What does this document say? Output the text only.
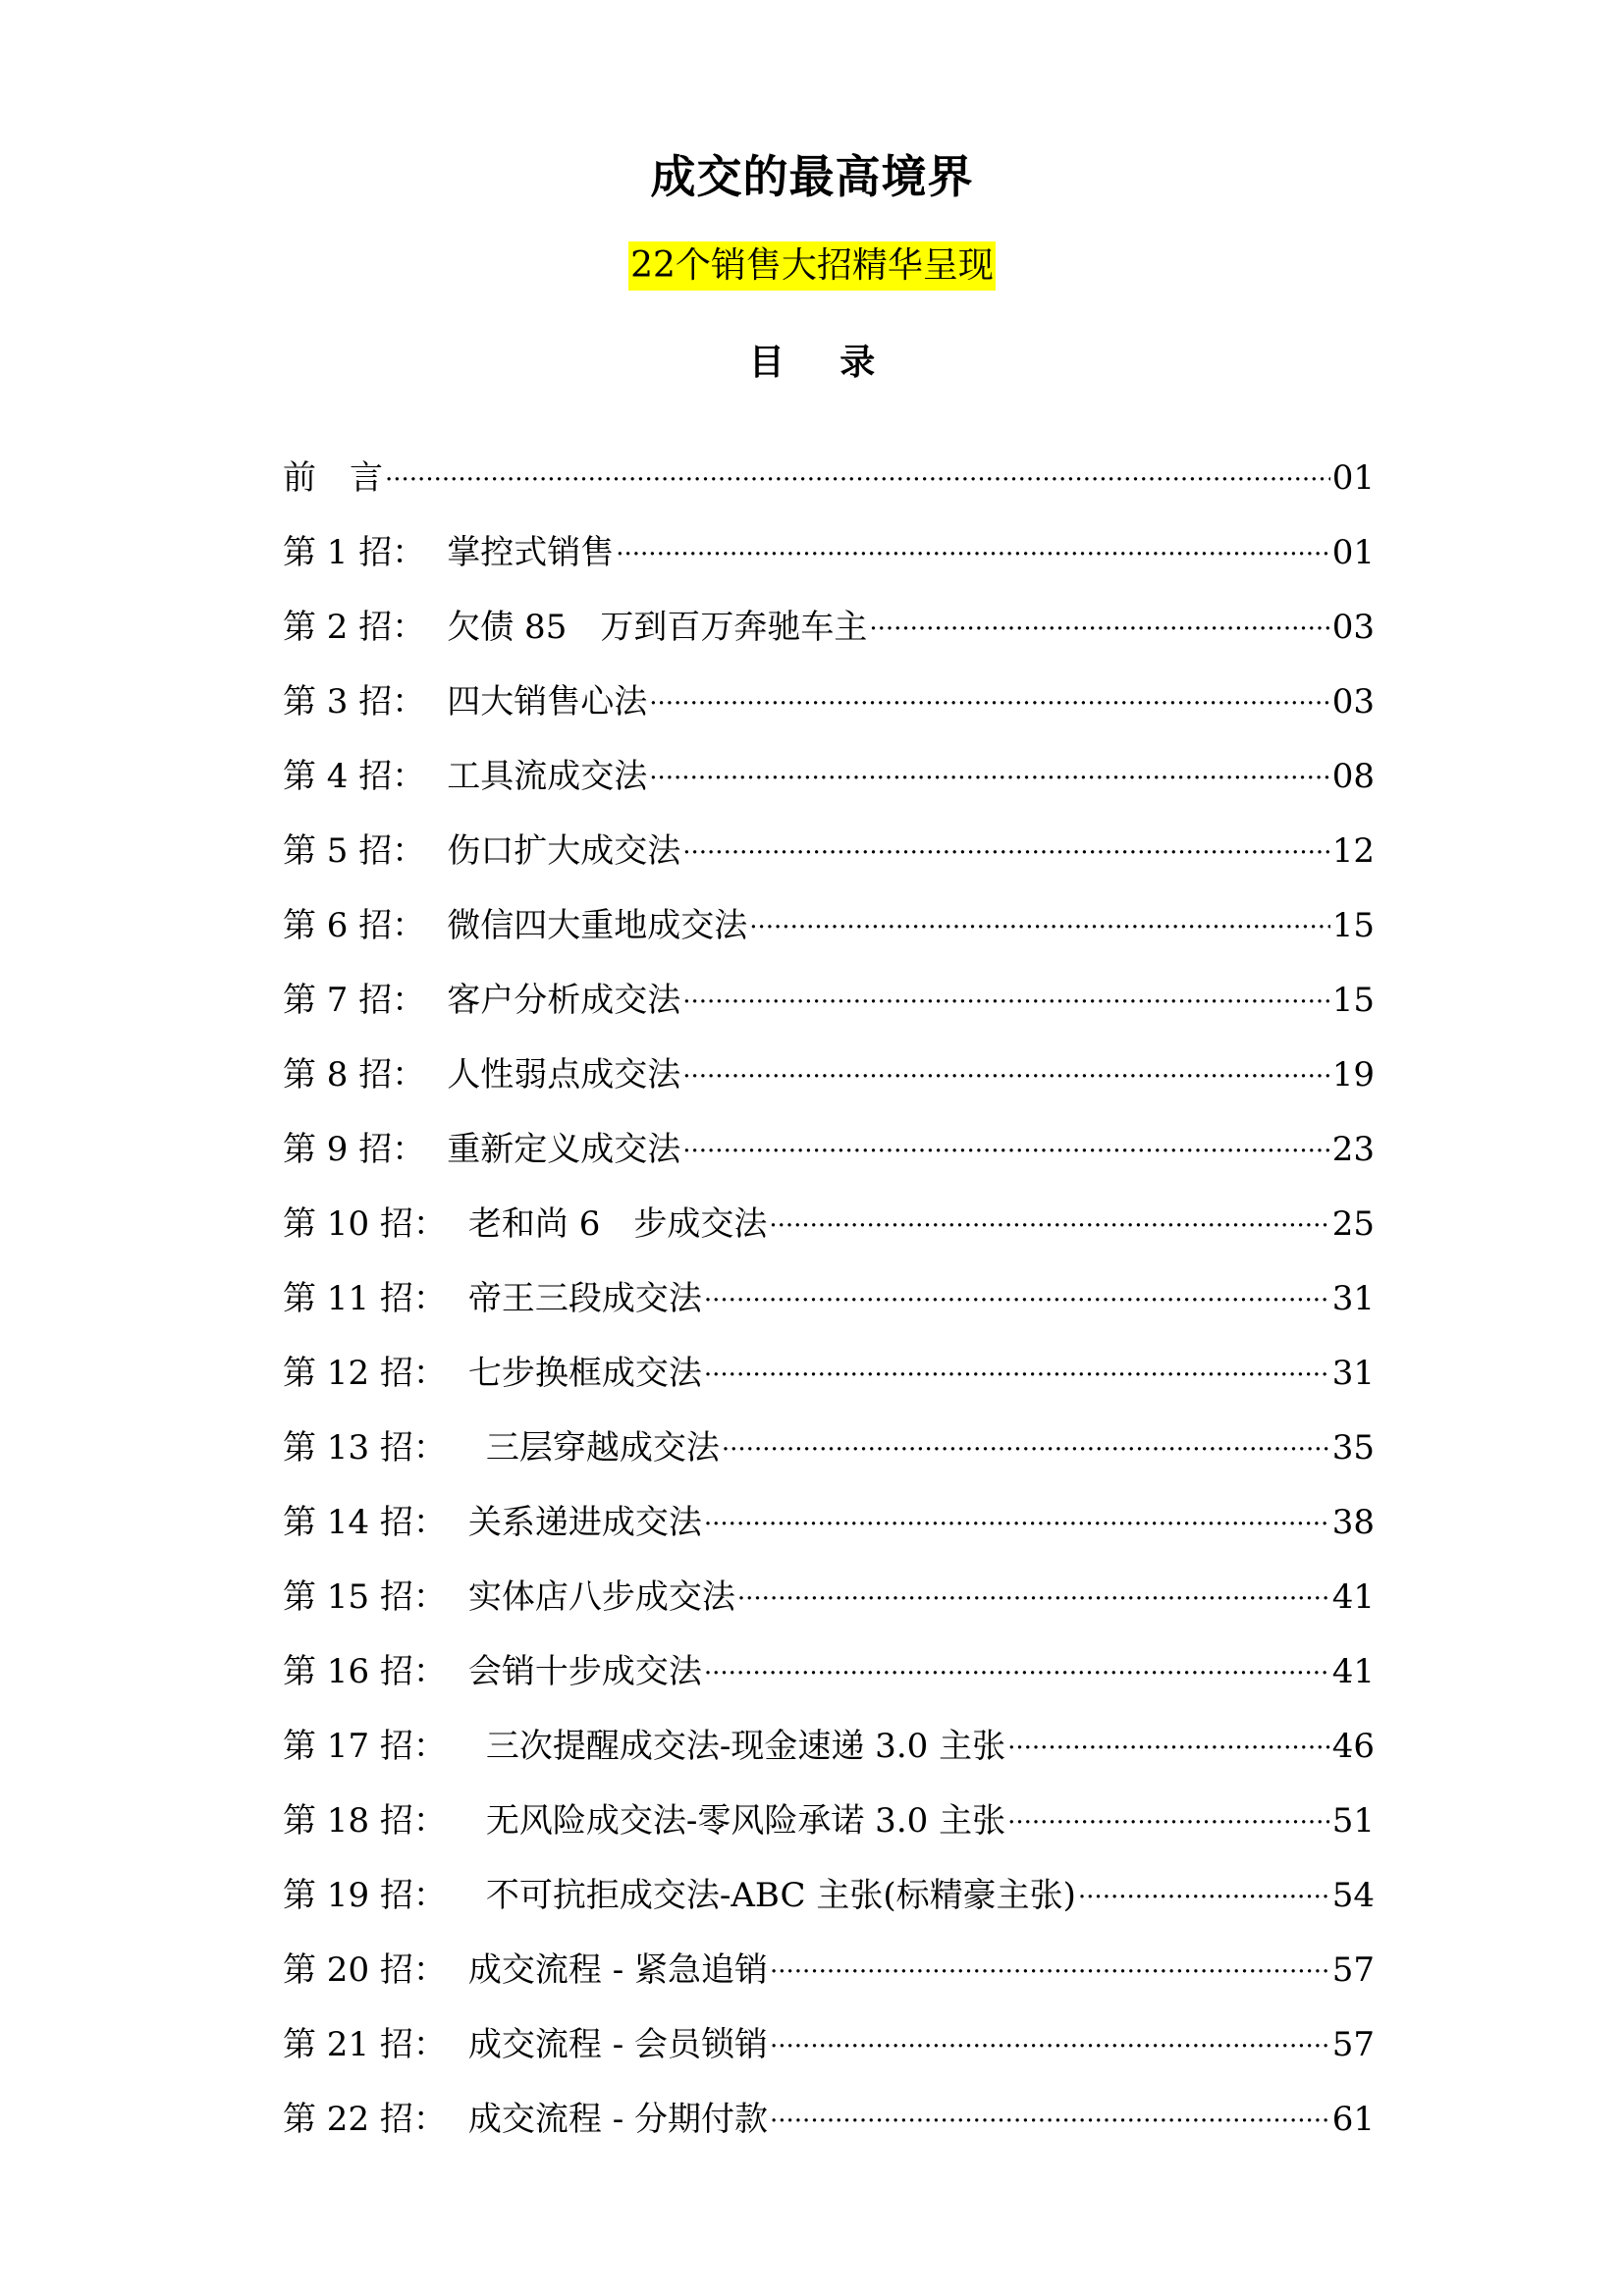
成交的最高境界
22个销售大招精华呈现
目 录
前　言 .....	01
第 1 招： 掌控式销售 .....	01
第 2 招： 欠债 85　万到百万奔驰车主 .....	03
第 3 招： 四大销售心法 .....	03
第 4 招： 工具流成交法 .....	08
第 5 招： 伤口扩大成交法 .....	12
第 6 招： 微信四大重地成交法 .....	15
第 7 招： 客户分析成交法 .....	15
第 8 招： 人性弱点成交法 .....	19
第 9 招： 重新定义成交法 .....	23
第 10 招： 老和尚 6　步成交法 .....	25
第 11 招： 帝王三段成交法 .....	31
第 12 招： 七步换框成交法 .....	31
第 13 招：	三层穿越成交法 .....	35
第 14 招： 关系递进成交法 .....	38
第 15 招： 实体店八步成交法 .....	41
第 16 招： 会销十步成交法 .....	41
第 17 招：	三次提醒成交法-现金速递 3.0 主张 .....	46
第 18 招：	无风险成交法-零风险承诺 3.0 主张 .....	51
第 19 招：	不可抗拒成交法-ABC 主张(标精豪主张) .....	54
第 20 招： 成交流程 - 紧急追销 .....	57
第 21 招： 成交流程 - 会员锁销 .....	57
第 22 招： 成交流程 - 分期付款 .....	61
